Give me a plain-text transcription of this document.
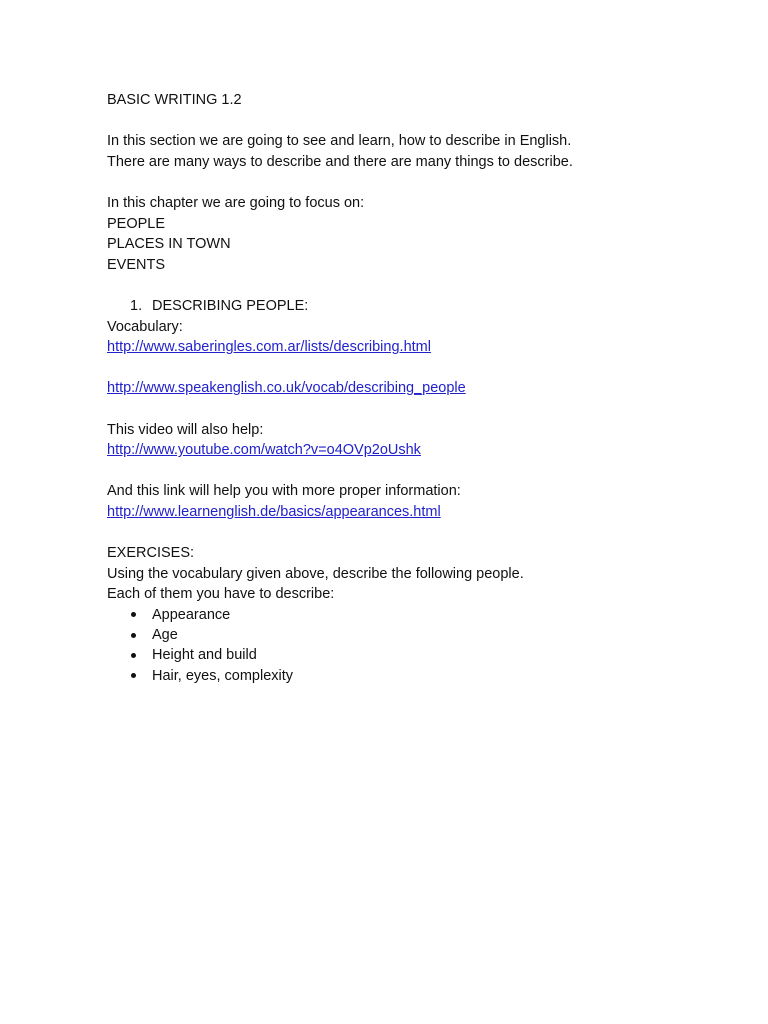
BASIC WRITING 1.2
In this section we are going to see and learn, how to describe in English.
There are many ways to describe and there are many things to describe.
In this chapter we are going to focus on:
PEOPLE
PLACES IN TOWN
EVENTS
1. DESCRIBING PEOPLE:
Vocabulary:
http://www.saberingles.com.ar/lists/describing.html
http://www.speakenglish.co.uk/vocab/describing_people
This video will also help:
http://www.youtube.com/watch?v=o4OVp2oUshk
And this link will help you with more proper information:
http://www.learnenglish.de/basics/appearances.html
EXERCISES:
Using the vocabulary given above, describe the following people.
Each of them you have to describe:
Appearance
Age
Height and build
Hair, eyes, complexity
